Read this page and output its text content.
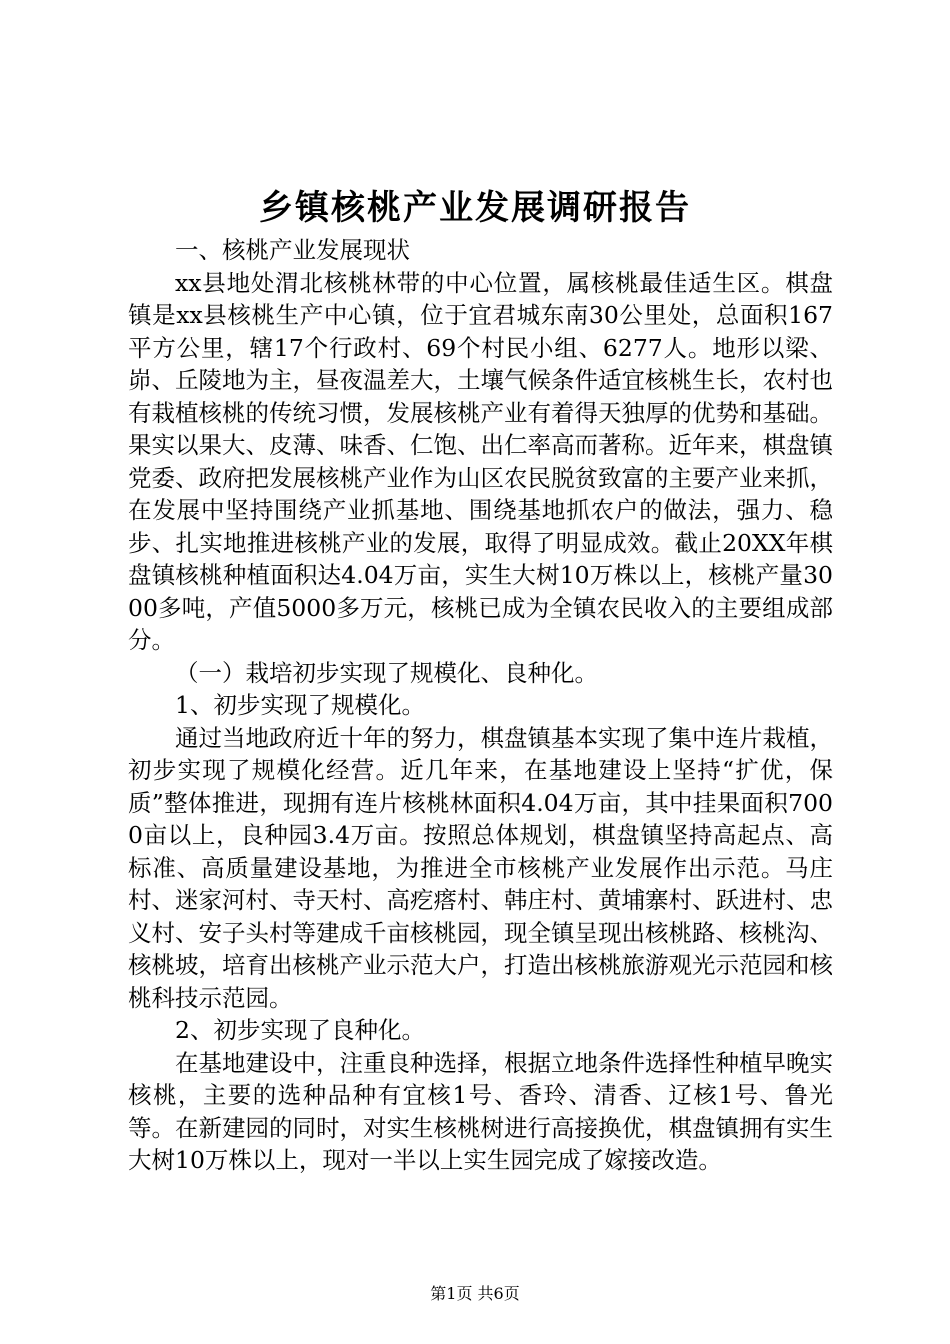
乡镇核桃产业发展调研报告

一、核桃产业发展现状

xx县地处渭北核桃林带的中心位置，属核桃最佳适生区。棋盘镇是xx县核桃生产中心镇，位于宜君城东南30公里处，总面积167平方公里，辖17个行政村、69个村民小组、6277人。地形以梁、峁、丘陵地为主，昼夜温差大，土壤气候条件适宜核桃生长，农村也有栽植核桃的传统习惯，发展核桃产业有着得天独厚的优势和基础。果实以果大、皮薄、味香、仁饱、出仁率高而著称。近年来，棋盘镇党委、政府把发展核桃产业作为山区农民脱贫致富的主要产业来抓，在发展中坚持围绕产业抓基地、围绕基地抓农户的做法，强力、稳步、扎实地推进核桃产业的发展，取得了明显成效。截止20XX年棋盘镇核桃种植面积达4.04万亩，实生大树10万株以上，核桃产量3000多吨，产值5000多万元，核桃已成为全镇农民收入的主要组成部分。

（一）栽培初步实现了规模化、良种化。

1、初步实现了规模化。

通过当地政府近十年的努力，棋盘镇基本实现了集中连片栽植，初步实现了规模化经营。近几年来，在基地建设上坚持“扩优，保质”整体推进，现拥有连片核桃林面积4.04万亩，其中挂果面积7000亩以上，良种园3.4万亩。按照总体规划，棋盘镇坚持高起点、高标准、高质量建设基地，为推进全市核桃产业发展作出示范。马庄村、迷家河村、寺天村、高疙瘩村、韩庄村、黄埔寨村、跃进村、忠义村、安子头村等建成千亩核桃园，现全镇呈现出核桃路、核桃沟、核桃坡，培育出核桃产业示范大户，打造出核桃旅游观光示范园和核桃科技示范园。

2、初步实现了良种化。

在基地建设中，注重良种选择，根据立地条件选择性种植早晚实核桃，主要的选种品种有宜核1号、香玲、清香、辽核1号、鲁光等。在新建园的同时，对实生核桃树进行高接换优，棋盘镇拥有实生大树10万株以上，现对一半以上实生园完成了嫁接改造。

第1页 共6页
